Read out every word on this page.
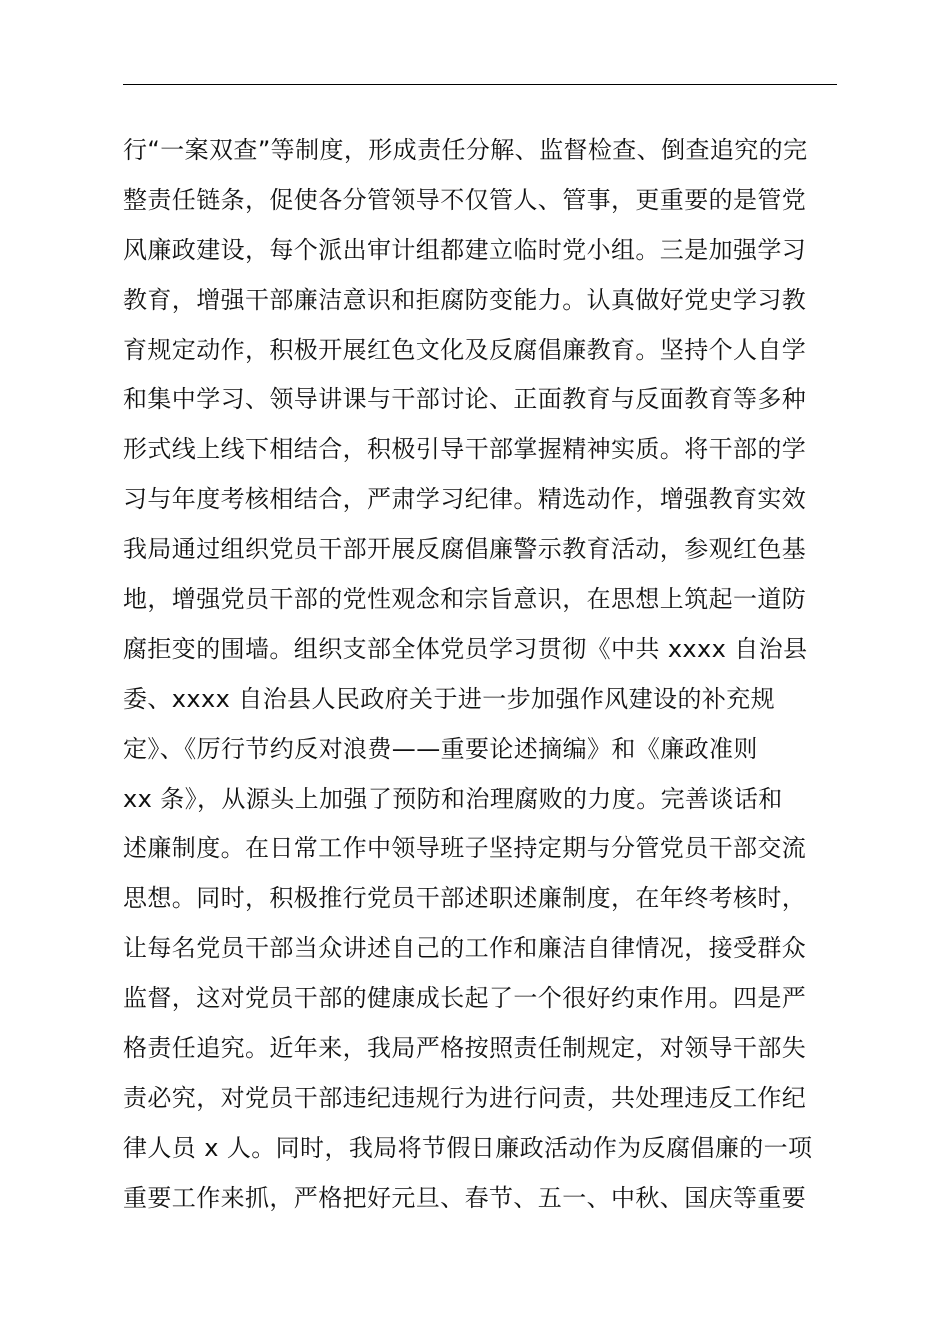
行“一案双查”等制度，形成责任分解、监督检查、倒查追究的完
整责任链条，促使各分管领导不仅管人、管事，更重要的是管党
风廉政建设，每个派出审计组都建立临时党小组。三是加强学习
教育，增强干部廉洁意识和拒腐防变能力。认真做好党史学习教
育规定动作，积极开展红色文化及反腐倡廉教育。坚持个人自学
和集中学习、领导讲课与干部讨论、正面教育与反面教育等多种
形式线上线下相结合，积极引导干部掌握精神实质。将干部的学
习与年度考核相结合，严肃学习纪律。精选动作，增强教育实效
我局通过组织党员干部开展反腐倡廉警示教育活动，参观红色基
地，增强党员干部的党性观念和宗旨意识，在思想上筑起一道防
腐拒变的围墙。组织支部全体党员学习贯彻《中共 xxxx 自治县
委、xxxx 自治县人民政府关于进一步加强作风建设的补充规
定》、《厉行节约反对浪费——重要论述摘编》和《廉政准则
xx 条》，从源头上加强了预防和治理腐败的力度。完善谈话和
述廉制度。在日常工作中领导班子坚持定期与分管党员干部交流
思想。同时，积极推行党员干部述职述廉制度，在年终考核时，
让每名党员干部当众讲述自己的工作和廉洁自律情况，接受群众
监督，这对党员干部的健康成长起了一个很好约束作用。四是严
格责任追究。近年来，我局严格按照责任制规定，对领导干部失
责必究，对党员干部违纪违规行为进行问责，共处理违反工作纪
律人员 x 人。同时，我局将节假日廉政活动作为反腐倡廉的一项
重要工作来抓，严格把好元旦、春节、五一、中秋、国庆等重要
